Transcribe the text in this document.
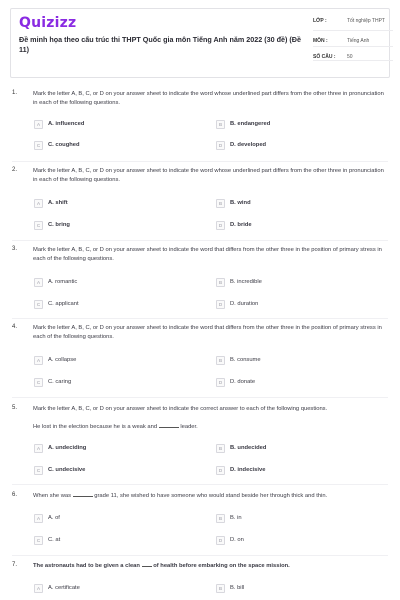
Quizizz
Đề minh họa theo cấu trúc thi THPT Quốc gia môn Tiếng Anh năm 2022 (30 đề) (Đề 11)
LỚP :	Tốt nghiệp THPT
MÔN :	Tiếng Anh
SỐ CÂU :	50
1.	Mark the letter A, B, C, or D on your answer sheet to indicate the word whose underlined part differs from the other three in pronunciation in each of the following questions.
A	A. influenced	B	B. endangered
C	C. coughed	D	D. developed
2.	Mark the letter A, B, C, or D on your answer sheet to indicate the word whose underlined part differs from the other three in pronunciation in each of the following questions.
A	A. shift	B	B. wind
C	C. bring	D	D. bride
3.	Mark the letter A, B, C, or D on your answer sheet to indicate the word that differs from the other three in the position of primary stress in each of the following questions.
A	A. romantic	B	B. incredible
C	C. applicant	D	D. duration
4.	Mark the letter A, B, C, or D on your answer sheet to indicate the word that differs from the other three in the position of primary stress in each of the following questions.
A	A. collapse	B	B. consume
C	C. caring	D	D. donate
5.	Mark the letter A, B, C, or D on your answer sheet to indicate the correct answer to each of the following questions.
He lost in the election because he is a weak and	leader.
A	A. undeciding	B	B. undecided
C	C. undecisive	D	D. indecisive
6.	When she was	grade 11, she wished to have someone who would stand beside her through thick and thin.
A	A. of	B	B. in
C	C. at	D	D. on
7.	The astronauts had to be given a clean of health before embarking on the space mission.
A	A. certificate	B	B. bill
